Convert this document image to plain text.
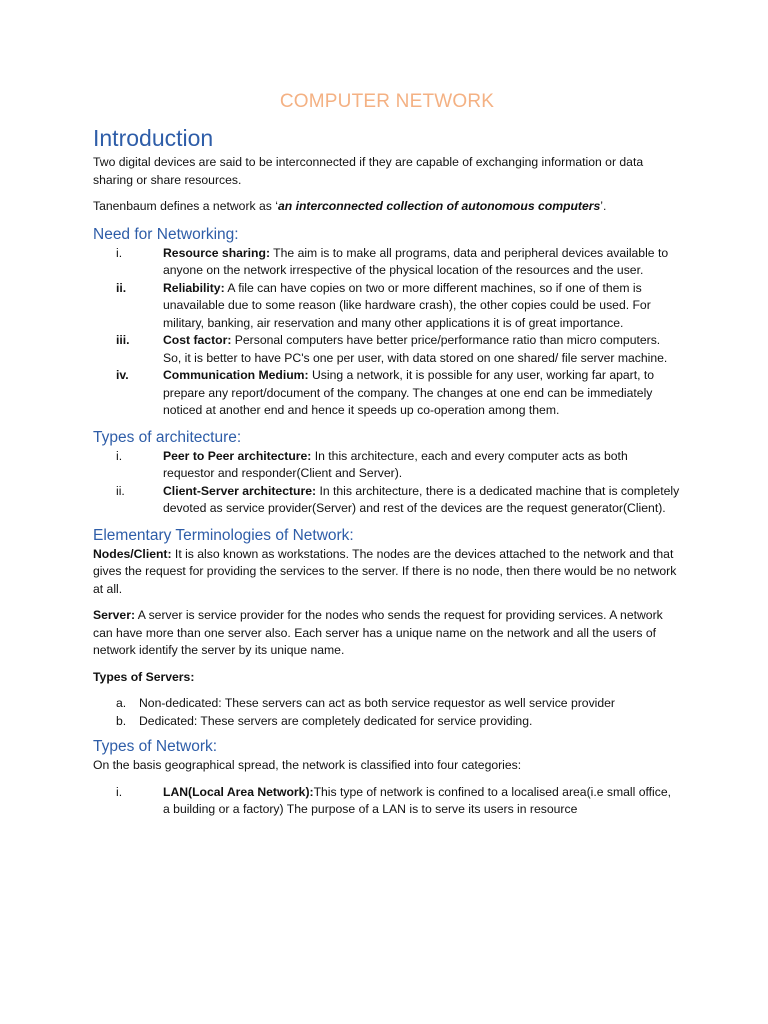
COMPUTER NETWORK
Introduction

Two digital devices are said to be interconnected if they are capable of exchanging information or data sharing or share resources.

Tanenbaum defines a network as ‘an interconnected collection of autonomous computers’.

Need for Networking:
i.	Resource sharing: The aim is to make all programs, data and peripheral devices available to anyone on the network irrespective of the physical location of the resources and the user.
ii.	Reliability: A file can have copies on two or more different machines, so if one of them is unavailable due to some reason (like hardware crash), the other copies could be used. For military, banking, air reservation and many other applications it is of great importance.
iii.	Cost factor: Personal computers have better price/performance ratio than micro computers. So, it is better to have PC's one per user, with data stored on one shared/ file server machine.
iv.	Communication Medium: Using a network, it is possible for any user, working far apart, to prepare any report/document of the company. The changes at one end can be immediately noticed at another end and hence it speeds up co-operation among them.
Types of architecture:
i.	Peer to Peer architecture: In this architecture, each and every computer acts as both requestor and responder(Client and Server).
ii.	Client-Server architecture: In this architecture, there is a dedicated machine that is completely devoted as service provider(Server) and rest of the devices are the request generator(Client).
Elementary Terminologies of Network:

Nodes/Client: It is also known as workstations. The nodes are the devices attached to the network and that gives the request for providing the services to the server. If there is no node, then there would be no network at all.

Server: A server is service provider for the nodes who sends the request for providing services. A network can have more than one server also. Each server has a unique name on the network and all the users of network identify the server by its unique name.

Types of Servers:

a. Non-dedicated: These servers can act as both service requestor as well service provider
b. Dedicated: These servers are completely dedicated for service providing.
Types of Network:

On the basis geographical spread, the network is classified into four categories:

i.	LAN(Local Area Network):This type of network is confined to a localised area(i.e small office, a building or a factory) The purpose of a LAN is to serve its users in resource
